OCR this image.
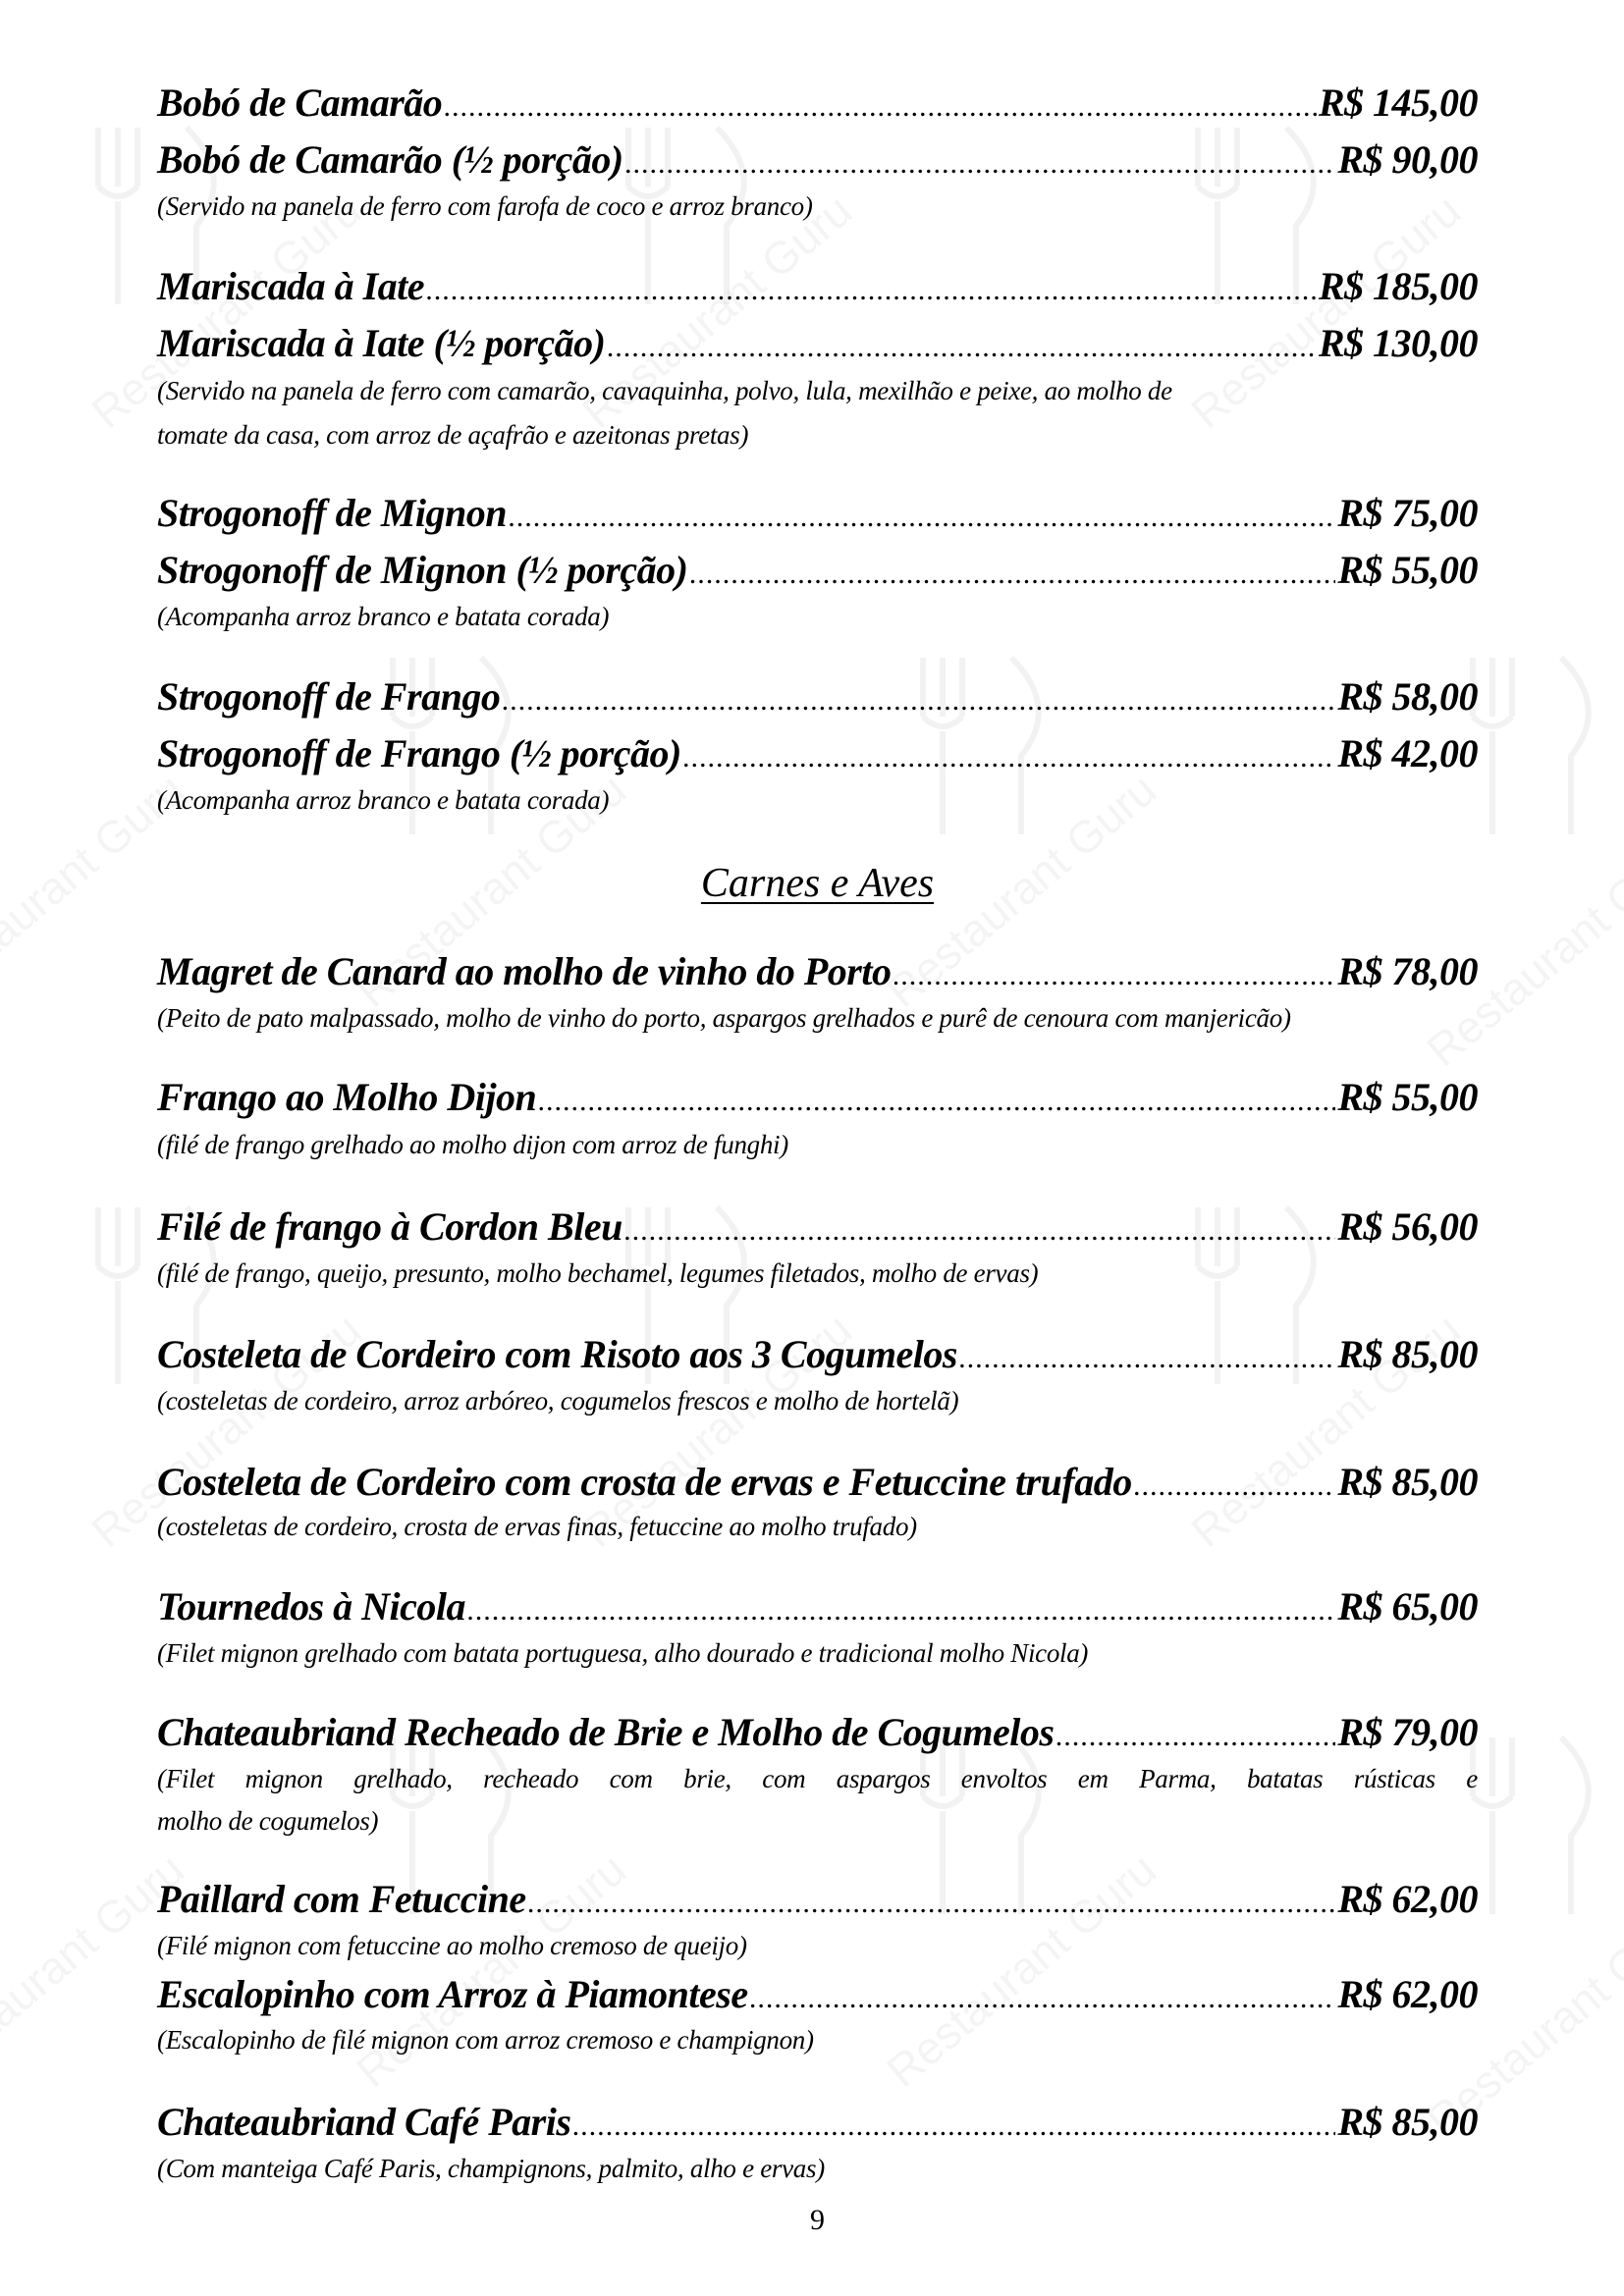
Bobó de Camarão .....	R$ 145,00
Bobó de Camarão (½ porção) .....	R$ 90,00
(Servido na panela de ferro com farofa de coco e arroz branco)
Mariscada à Iate .....	R$ 185,00
Mariscada à Iate (½ porção) .....	R$ 130,00
(Servido na panela de ferro com camarão, cavaquinha, polvo, lula, mexilhão e peixe, ao molho de
tomate da casa, com arroz de açafrão e azeitonas pretas)
Strogonoff de Mignon .....	R$ 75,00
Strogonoff de Mignon (½ porção) .....	R$ 55,00
(Acompanha arroz branco e batata corada)
Strogonoff de Frango .....	R$ 58,00
Strogonoff de Frango (½ porção) .....	R$ 42,00
(Acompanha arroz branco e batata corada)
Carnes e Aves
Magret de Canard ao molho de vinho do Porto .....	R$ 78,00
(Peito de pato malpassado, molho de vinho do porto, aspargos grelhados e purê de cenoura com manjericão)
Frango ao Molho Dijon .....	R$ 55,00
(filé de frango grelhado ao molho dijon com arroz de funghi)
Filé de frango à Cordon Bleu .....	R$ 56,00
(filé de frango, queijo, presunto, molho bechamel, legumes filetados, molho de ervas)
Costeleta de Cordeiro com Risoto aos 3 Cogumelos .....	R$ 85,00
(costeletas de cordeiro, arroz arbóreo, cogumelos frescos e molho de hortelã)
Costeleta de Cordeiro com crosta de ervas e Fetuccine trufado .....	R$ 85,00
(costeletas de cordeiro, crosta de ervas finas, fetuccine ao molho trufado)
Tournedos à Nicola .....	R$ 65,00
(Filet mignon grelhado com batata portuguesa, alho dourado e tradicional molho Nicola)
Chateaubriand Recheado de Brie e Molho de Cogumelos .....	R$ 79,00
(Filet mignon grelhado, recheado com brie, com aspargos envoltos em Parma, batatas rústicas e
molho de cogumelos)
Paillard com Fetuccine .....	R$ 62,00
(Filé mignon com fetuccine ao molho cremoso de queijo)
Escalopinho com Arroz à Piamontese .....	R$ 62,00
(Escalopinho de filé mignon com arroz cremoso e champignon)
Chateaubriand Café Paris .....	R$ 85,00
(Com manteiga Café Paris, champignons, palmito, alho e ervas)
9
